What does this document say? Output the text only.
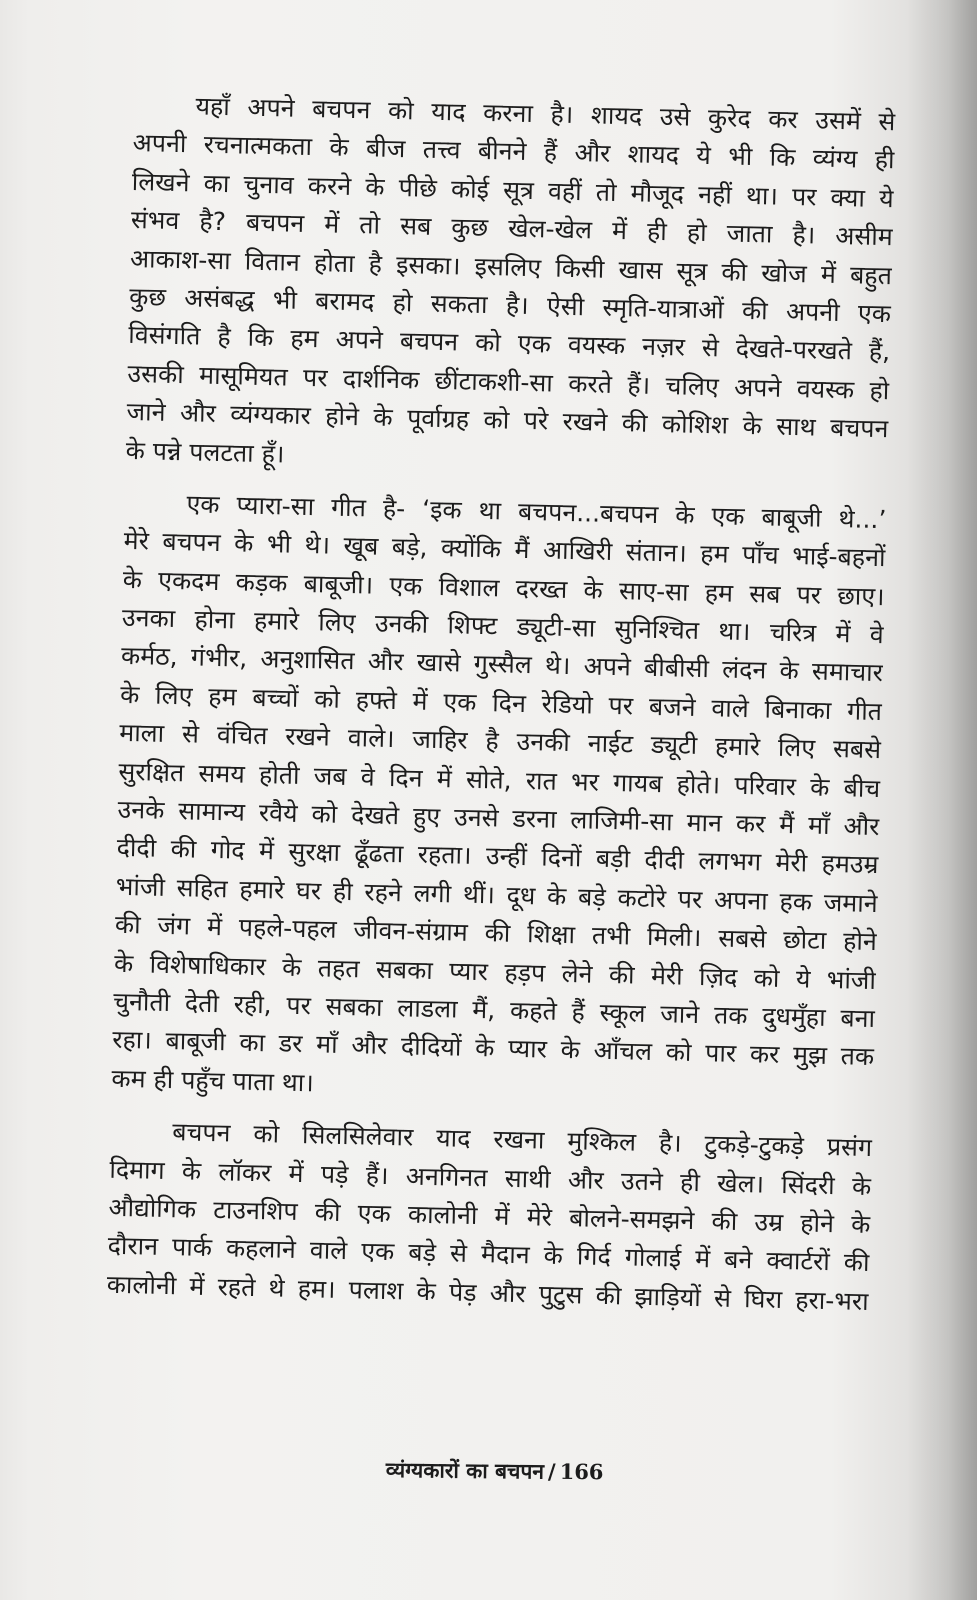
यहाँ अपने बचपन को याद करना है। शायद उसे कुरेद कर उसमें से
अपनी रचनात्मकता के बीज तत्त्व बीनने हैं और शायद ये भी कि व्यंग्य ही
लिखने का चुनाव करने के पीछे कोई सूत्र वहीं तो मौजूद नहीं था। पर क्या ये
संभव है? बचपन में तो सब कुछ खेल-खेल में ही हो जाता है। असीम
आकाश-सा वितान होता है इसका। इसलिए किसी खास सूत्र की खोज में बहुत
कुछ असंबद्ध भी बरामद हो सकता है। ऐसी स्मृति-यात्राओं की अपनी एक
विसंगति है कि हम अपने बचपन को एक वयस्क नज़र से देखते-परखते हैं,
उसकी मासूमियत पर दार्शनिक छींटाकशी-सा करते हैं। चलिए अपने वयस्क हो
जाने और व्यंग्यकार होने के पूर्वाग्रह को परे रखने की कोशिश के साथ बचपन
के पन्ने पलटता हूँ।
एक प्यारा-सा गीत है- ‘इक था बचपन...बचपन के एक बाबूजी थे...’
मेरे बचपन के भी थे। खूब बड़े, क्योंकि मैं आखिरी संतान। हम पाँच भाई-बहनों
के एकदम कड़क बाबूजी। एक विशाल दरख्त के साए-सा हम सब पर छाए।
उनका होना हमारे लिए उनकी शिफ्ट ड्यूटी-सा सुनिश्चित था। चरित्र में वे
कर्मठ, गंभीर, अनुशासित और खासे गुस्सैल थे। अपने बीबीसी लंदन के समाचार
के लिए हम बच्चों को हफ्ते में एक दिन रेडियो पर बजने वाले बिनाका गीत
माला से वंचित रखने वाले। जाहिर है उनकी नाईट ड्यूटी हमारे लिए सबसे
सुरक्षित समय होती जब वे दिन में सोते, रात भर गायब होते। परिवार के बीच
उनके सामान्य रवैये को देखते हुए उनसे डरना लाजिमी-सा मान कर मैं माँ और
दीदी की गोद में सुरक्षा ढूँढता रहता। उन्हीं दिनों बड़ी दीदी लगभग मेरी हमउम्र
भांजी सहित हमारे घर ही रहने लगी थीं। दूध के बड़े कटोरे पर अपना हक जमाने
की जंग में पहले-पहल जीवन-संग्राम की शिक्षा तभी मिली। सबसे छोटा होने
के विशेषाधिकार के तहत सबका प्यार हड़प लेने की मेरी ज़िद को ये भांजी
चुनौती देती रही, पर सबका लाडला मैं, कहते हैं स्कूल जाने तक दुधमुँहा बना
रहा। बाबूजी का डर माँ और दीदियों के प्यार के आँचल को पार कर मुझ तक
कम ही पहुँच पाता था।
बचपन को सिलसिलेवार याद रखना मुश्किल है। टुकड़े-टुकड़े प्रसंग
दिमाग के लॉकर में पड़े हैं। अनगिनत साथी और उतने ही खेल। सिंदरी के
औद्योगिक टाउनशिप की एक कालोनी में मेरे बोलने-समझने की उम्र होने के
दौरान पार्क कहलाने वाले एक बड़े से मैदान के गिर्द गोलाई में बने क्वार्टरों की
कालोनी में रहते थे हम। पलाश के पेड़ और पुटुस की झाड़ियों से घिरा हरा-भरा
व्यंग्यकारों का बचपन / 166
